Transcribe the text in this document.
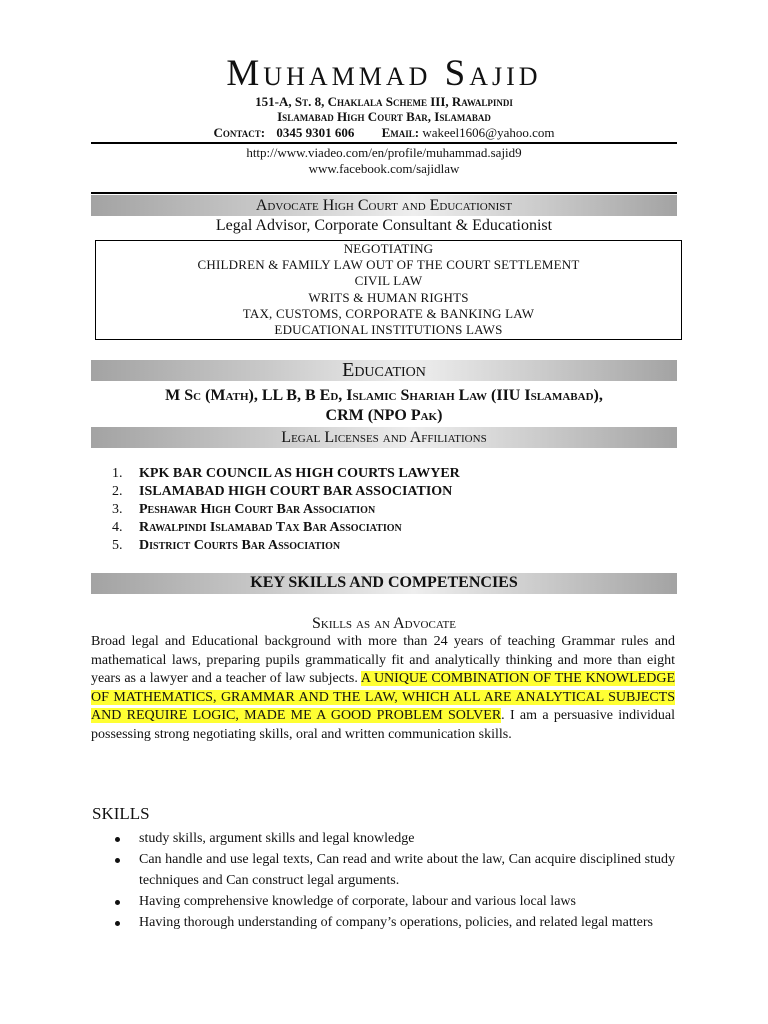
Muhammad Sajid
151-A, St. 8, Chaklala Scheme III, Rawalpindi
Islamabad High Court Bar, Islamabad
Contact: 0345 9301 606 Email: wakeel1606@yahoo.com
http://www.viadeo.com/en/profile/muhammad.sajid9
www.facebook.com/sajidlaw
Advocate High Court and Educationist
Legal Advisor, Corporate Consultant & Educationist
NEGOTIATING
CHILDREN & FAMILY LAW OUT OF THE COURT SETTLEMENT
CIVIL LAW
WRITS & HUMAN RIGHTS
TAX, CUSTOMS, CORPORATE & BANKING LAW
EDUCATIONAL INSTITUTIONS LAWS
Education
M Sc (Math), LL B, B Ed, Islamic Shariah Law (IIU Islamabad),
CRM (NPO Pak)
Legal Licenses and Affiliations
1. KPK BAR COUNCIL AS HIGH COURTS LAWYER
2. ISLAMABAD HIGH COURT BAR ASSOCIATION
3. Peshawar High Court Bar Association
4. Rawalpindi Islamabad Tax Bar Association
5. District Courts Bar Association
KEY SKILLS AND COMPETENCIES
Skills as an Advocate
Broad legal and Educational background with more than 24 years of teaching Grammar rules and mathematical laws, preparing pupils grammatically fit and analytically thinking and more than eight years as a lawyer and a teacher of law subjects. A UNIQUE COMBINATION OF THE KNOWLEDGE OF MATHEMATICS, GRAMMAR AND THE LAW, WHICH ALL ARE ANALYTICAL SUBJECTS AND REQUIRE LOGIC, MADE ME A GOOD PROBLEM SOLVER. I am a persuasive individual possessing strong negotiating skills, oral and written communication skills.
SKILLS
study skills, argument skills and legal knowledge
Can handle and use legal texts, Can read and write about the law, Can acquire disciplined study techniques and Can construct legal arguments.
Having comprehensive knowledge of corporate, labour and various local laws
Having thorough understanding of company’s operations, policies, and related legal matters
